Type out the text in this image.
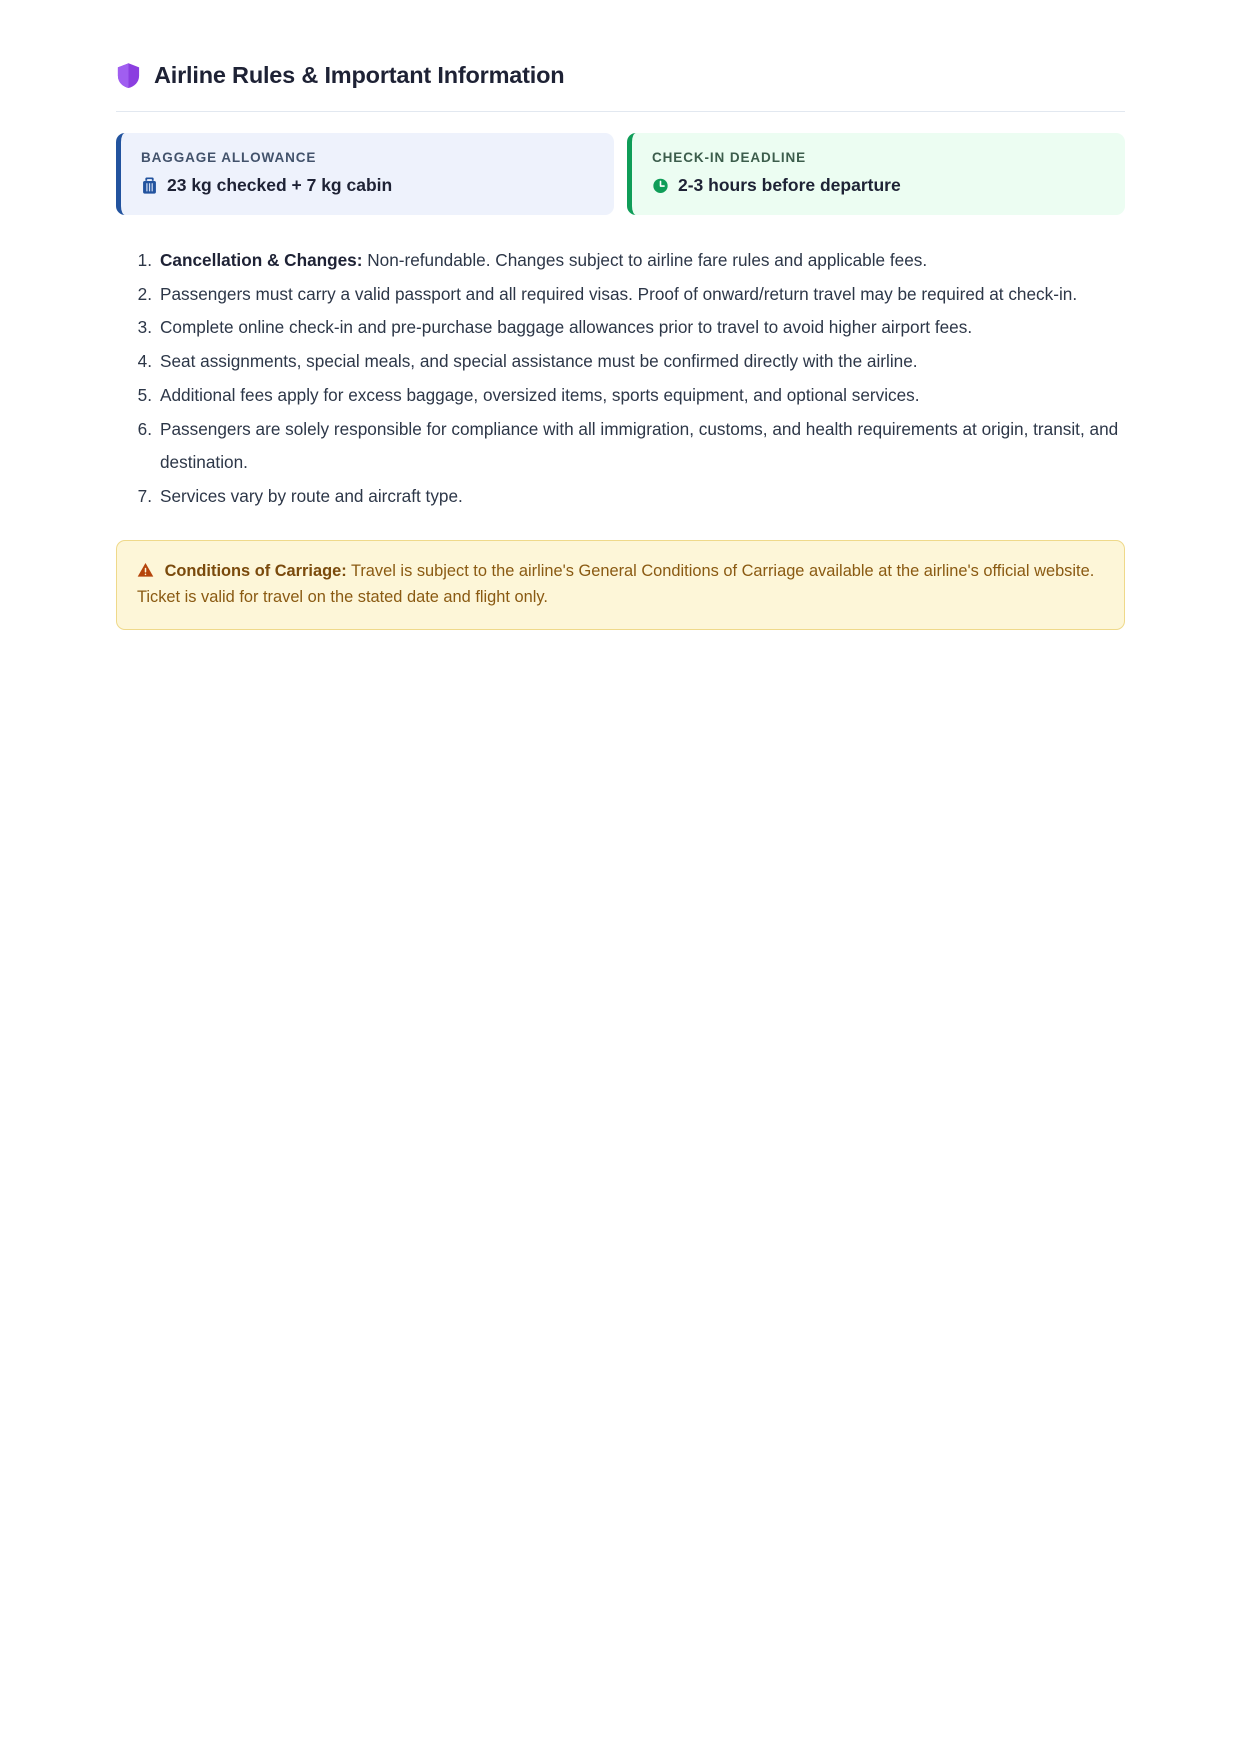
Airline Rules & Important Information
BAGGAGE ALLOWANCE
23 kg checked + 7 kg cabin
CHECK-IN DEADLINE
2-3 hours before departure
Cancellation & Changes: Non-refundable. Changes subject to airline fare rules and applicable fees.
Passengers must carry a valid passport and all required visas. Proof of onward/return travel may be required at check-in.
Complete online check-in and pre-purchase baggage allowances prior to travel to avoid higher airport fees.
Seat assignments, special meals, and special assistance must be confirmed directly with the airline.
Additional fees apply for excess baggage, oversized items, sports equipment, and optional services.
Passengers are solely responsible for compliance with all immigration, customs, and health requirements at origin, transit, and destination.
Services vary by route and aircraft type.
Conditions of Carriage: Travel is subject to the airline's General Conditions of Carriage available at the airline's official website. Ticket is valid for travel on the stated date and flight only.
